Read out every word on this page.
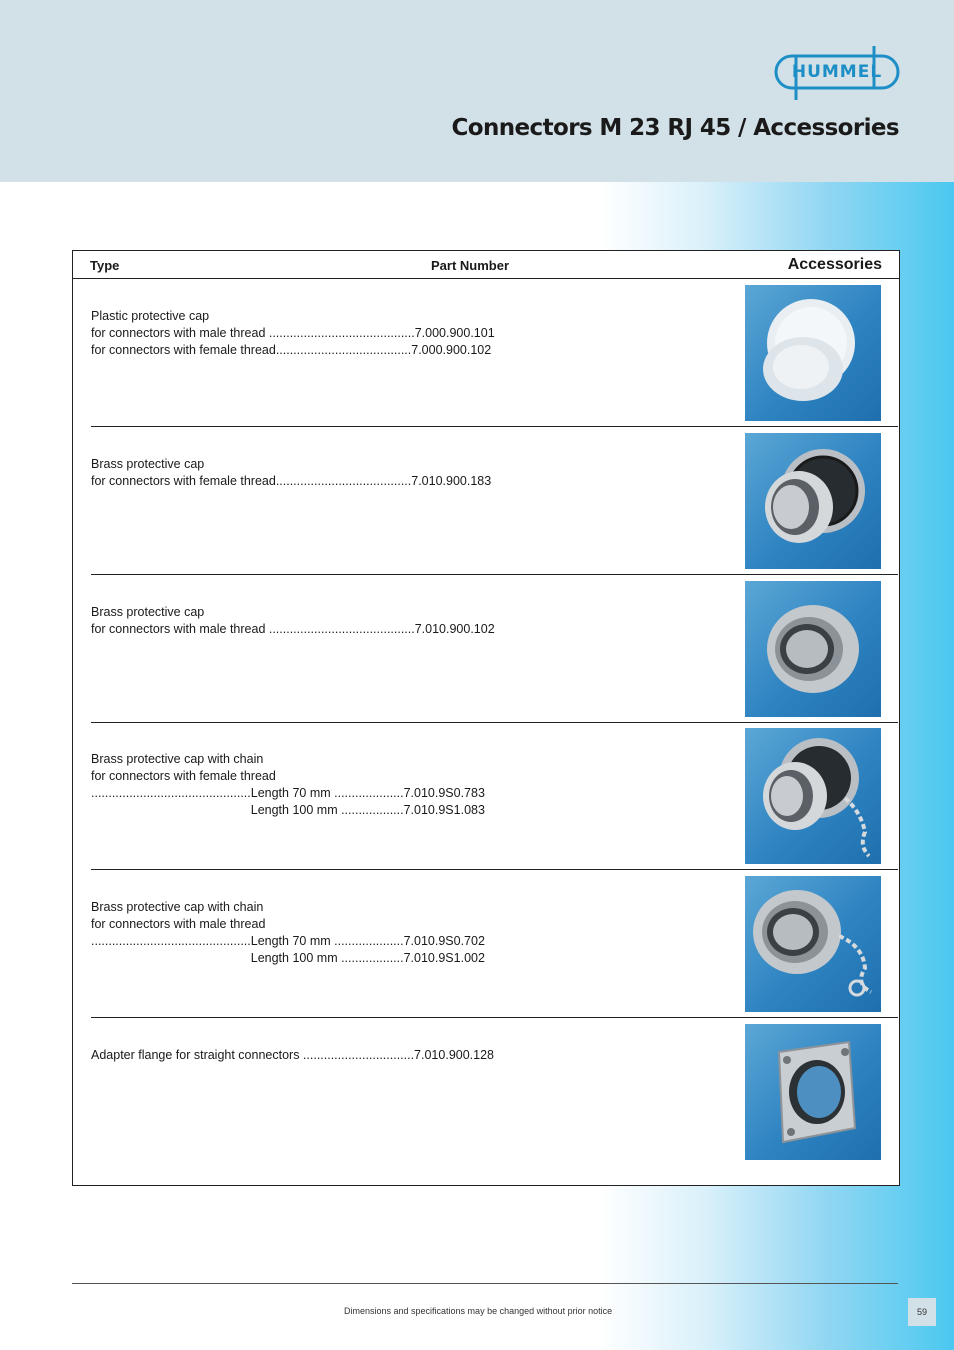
HUMMEL
Connectors M 23 RJ 45 / Accessories
Type	Part Number	Accessories
Plastic protective cap
for connectors with male thread ..........................................7.000.900.101
for connectors with female thread.......................................7.000.900.102
Brass protective cap
for connectors with female thread.......................................7.010.900.183
Brass protective cap
for connectors with male thread ..........................................7.010.900.102
Brass protective cap with chain
for connectors with female thread
..............................................Length 70 mm ....................7.010.9S0.783
Length 100 mm ..................7.010.9S1.083
Brass protective cap with chain
for connectors with male thread
..............................................Length 70 mm ....................7.010.9S0.702
Length 100 mm ..................7.010.9S1.002
Adapter flange for straight connectors ................................7.010.900.128
Dimensions and specifications may be changed without prior notice	59
